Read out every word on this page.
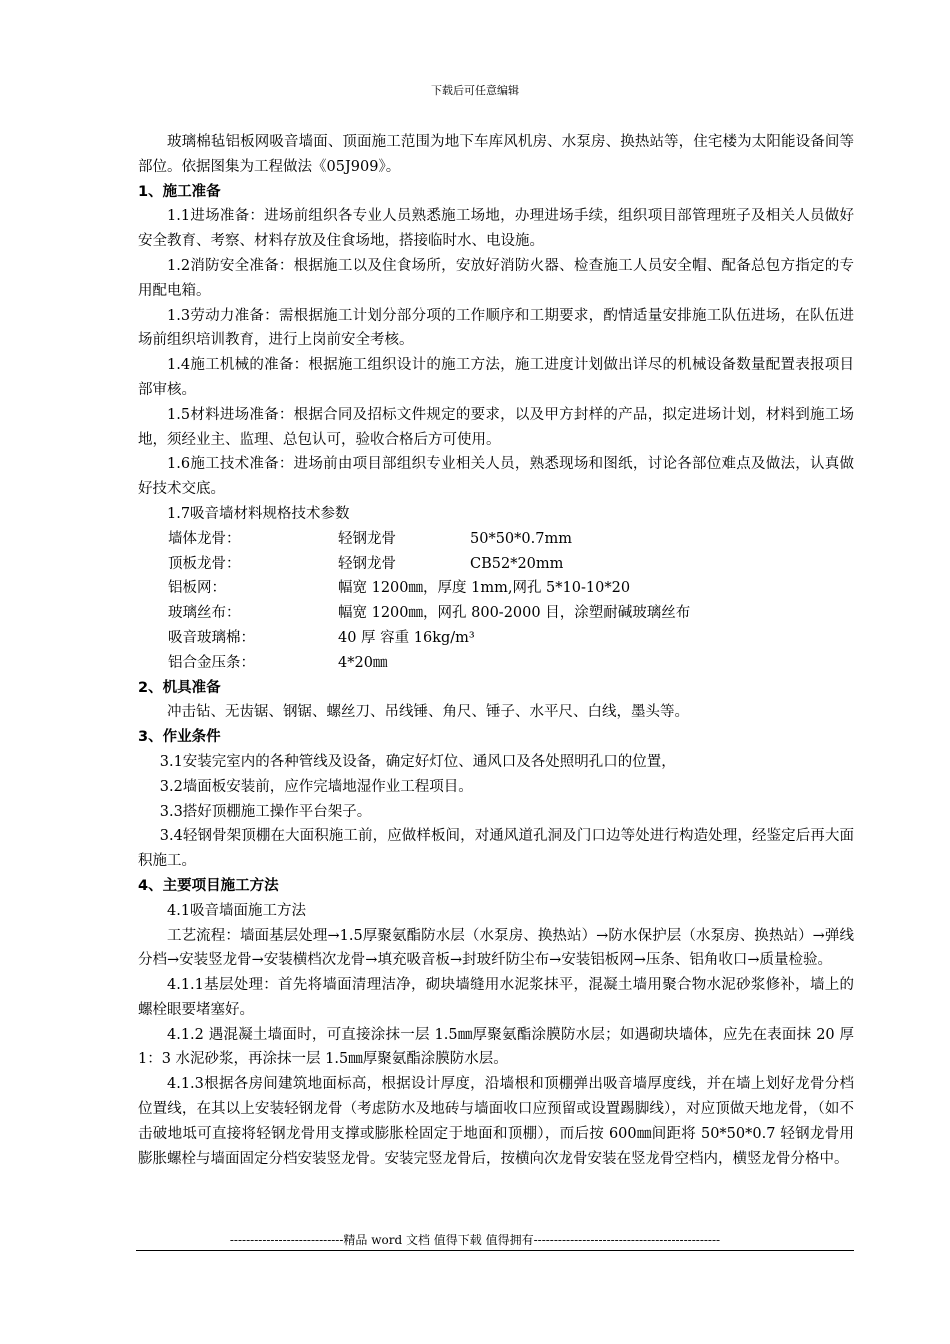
下载后可任意编辑

玻璃棉毡铝板网吸音墙面、顶面施工范围为地下车库风机房、水泵房、换热站等，住宅楼为太阳能设备间等部位。依据图集为工程做法《05J909》。

1、施工准备

1.1进场准备：进场前组织各专业人员熟悉施工场地，办理进场手续，组织项目部管理班子及相关人员做好安全教育、考察、材料存放及住食场地，搭接临时水、电设施。

1.2消防安全准备：根据施工以及住食场所，安放好消防火器、检查施工人员安全帽、配备总包方指定的专用配电箱。

1.3劳动力准备：需根据施工计划分部分项的工作顺序和工期要求，酌情适量安排施工队伍进场，在队伍进场前组织培训教育，进行上岗前安全考核。

1.4施工机械的准备：根据施工组织设计的施工方法，施工进度计划做出详尽的机械设备数量配置表报项目部审核。

1.5材料进场准备：根据合同及招标文件规定的要求，以及甲方封样的产品，拟定进场计划，材料到施工场地，须经业主、监理、总包认可，验收合格后方可使用。

1.6施工技术准备：进场前由项目部组织专业相关人员，熟悉现场和图纸，讨论各部位难点及做法，认真做好技术交底。

1.7吸音墙材料规格技术参数

墙体龙骨：	轻钢龙骨	50*50*0.7mm
顶板龙骨：	轻钢龙骨	CB52*20mm
铝板网：	幅宽 1200㎜，厚度 1mm,网孔 5*10-10*20
玻璃丝布：	幅宽 1200㎜，网孔 800-2000 目，涂塑耐碱玻璃丝布
吸音玻璃棉：	40 厚 容重 16kg/m³
铝合金压条：	4*20㎜

2、机具准备

冲击钻、无齿锯、钢锯、螺丝刀、吊线锤、角尺、锤子、水平尺、白线，墨头等。

3、作业条件

3.1安装完室内的各种管线及设备，确定好灯位、通风口及各处照明孔口的位置，

3.2墙面板安装前，应作完墙地湿作业工程项目。

3.3搭好顶棚施工操作平台架子。

3.4轻钢骨架顶棚在大面积施工前，应做样板间，对通风道孔洞及门口边等处进行构造处理，经鉴定后再大面积施工。

4、主要项目施工方法

4.1吸音墙面施工方法

工艺流程：墙面基层处理→1.5厚聚氨酯防水层（水泵房、换热站）→防水保护层（水泵房、换热站）→弹线分档→安装竖龙骨→安装横档次龙骨→填充吸音板→封玻纤防尘布→安装铝板网→压条、铝角收口→质量检验。

4.1.1基层处理：首先将墙面清理洁净，砌块墙缝用水泥浆抹平，混凝土墙用聚合物水泥砂浆修补，墙上的螺栓眼要堵塞好。

4.1.2 遇混凝土墙面时，可直接涂抹一层 1.5㎜厚聚氨酯涂膜防水层；如遇砌块墙体，应先在表面抹 20 厚 1：3 水泥砂浆，再涂抹一层 1.5㎜厚聚氨酯涂膜防水层。

4.1.3根据各房间建筑地面标高，根据设计厚度，沿墙根和顶棚弹出吸音墙厚度线，并在墙上划好龙骨分档位置线，在其以上安装轻钢龙骨（考虑防水及地砖与墙面收口应预留或设置踢脚线），对应顶做天地龙骨，（如不击破地坻可直接将轻钢龙骨用支撑或膨胀栓固定于地面和顶棚），而后按 600㎜间距将 50*50*0.7 轻钢龙骨用膨胀螺栓与墙面固定分档安装竖龙骨。安装完竖龙骨后，按横向次龙骨安装在竖龙骨空档内，横竖龙骨分格中。

----------------------------精品 word 文档 值得下载 值得拥有----------------------------------------------
